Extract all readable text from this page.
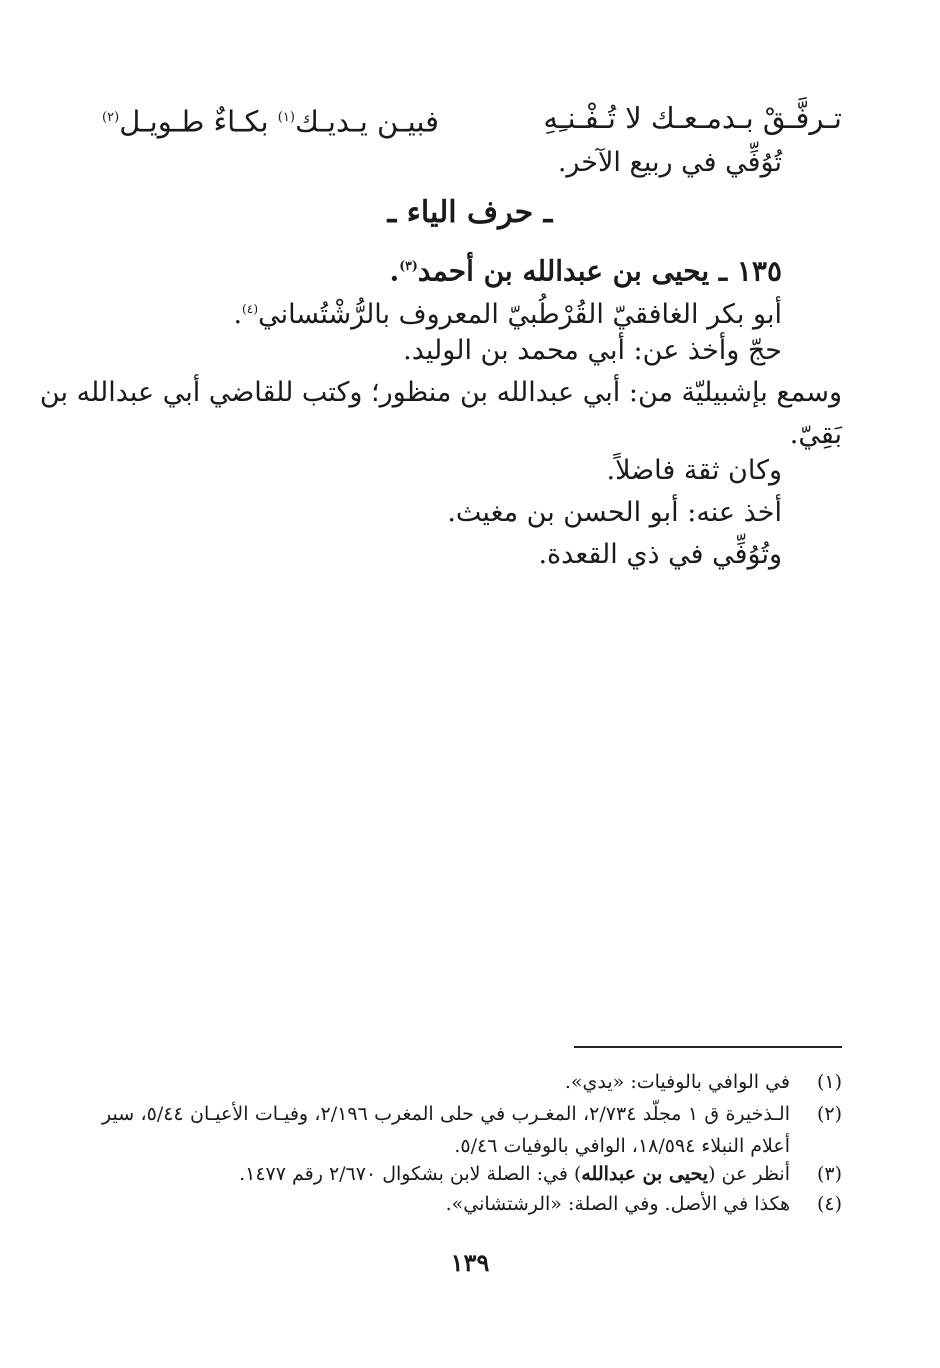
تـرفَّـقْ بـدمـعـك لا تُـفْـنـِهِ
فبيـن يـديـك$^{(١)}$ بكـاءٌ طـويـل$^{(٢)}$
تُوُفِّي في ربيع الآخر.
ـ حرف الياء ـ
١٣٥ ـ يحيى بن عبدالله بن أحمد$^{(٣)}$.
أبو بكر الغافقيّ القُرْطُبيّ المعروف بالرُّشْتُساني$^{(٤)}$.
حجّ وأخذ عن: أبي محمد بن الوليد.
وسمع بإشبيليّة من: أبي عبدالله بن منظور؛ وكتب للقاضي أبي عبدالله بن
بَقِيّ.
وكان ثقة فاضلاً.
أخذ عنه: أبو الحسن بن مغيث.
وتُوُفِّي في ذي القعدة.
(١)
في الوافي بالوفيات: «يدي».
(٢)
الـذخيرة ق ١ مجلّد ٢/٧٣٤، المغـرب في حلى المغرب ٢/١٩٦، وفيـات الأعيـان ٥/٤٤، سير أعلام النبلاء ١٨/٥٩٤، الوافي بالوفيات ٥/٤٦.
(٣)
أنظر عن (يحيى بن عبدالله) في: الصلة لابن بشكوال ٢/٦٧٠ رقم ١٤٧٧.
(٤)
هكذا في الأصل. وفي الصلة: «الرشتشاني».
١٣٩
